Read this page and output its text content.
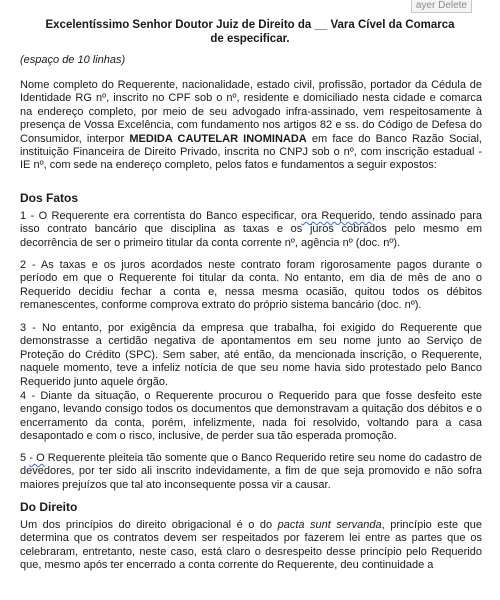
ayer Delete
Excelentíssimo Senhor Doutor Juiz de Direito da __ Vara Cível da Comarca
de especificar.
(espaço de 10 linhas)

Nome completo do Requerente, nacionalidade, estado civil, profissão, portador da Cédula de Identidade RG nº, inscrito no CPF sob o nº, residente e domiciliado nesta cidade e comarca na endereço completo, por meio de seu advogado infra-assinado, vem respeitosamente à presença de Vossa Excelência, com fundamento nos artigos 82 e ss. do Código de Defesa do Consumidor, interpor MEDIDA CAUTELAR INOMINADA em face do Banco Razão Social, instituição Financeira de Direito Privado, inscrita no CNPJ sob o nº, com inscrição estadual - IE nº, com sede na endereço completo, pelos fatos e fundamentos a seguir expostos:

Dos Fatos

1 - O Requerente era correntista do Banco especificar, ora Requerido, tendo assinado para isso contrato bancário que disciplina as taxas e os juros cobrados pelo mesmo em decorrência de ser o primeiro titular da conta corrente nº, agência nº (doc. nº).

2 - As taxas e os juros acordados neste contrato foram rigorosamente pagos durante o período em que o Requerente foi titular da conta. No entanto, em dia de mês de ano o Requerido decidiu fechar a conta e, nessa mesma ocasião, quitou todos os débitos remanescentes, conforme comprova extrato do próprio sistema bancário (doc. nº).

3 - No entanto, por exigência da empresa que trabalha, foi exigido do Requerente que demonstrasse a certidão negativa de apontamentos em seu nome junto ao Serviço de Proteção do Crédito (SPC). Sem saber, até então, da mencionada inscrição, o Requerente, naquele momento, teve a infeliz notícia de que seu nome havia sido protestado pelo Banco Requerido junto aquele órgão.

4 - Diante da situação, o Requerente procurou o Requerido para que fosse desfeito este engano, levando consigo todos os documentos que demonstravam a quitação dos débitos e o encerramento da conta, porém, infelizmente, nada foi resolvido, voltando para a casa desapontado e com o risco, inclusive, de perder sua tão esperada promoção.

5 - O Requerente pleiteia tão somente que o Banco Requerido retire seu nome do cadastro de devedores, por ter sido ali inscrito indevidamente, a fim de que seja promovido e não sofra maiores prejuízos que tal ato inconsequente possa vir a causar.

Do Direito

Um dos princípios do direito obrigacional é o do pacta sunt servanda, princípio este que determina que os contratos devem ser respeitados por fazerem lei entre as partes que os celebraram, entretanto, neste caso, está claro o desrespeito desse princípio pelo Requerido que, mesmo após ter encerrado a conta corrente do Requerente, deu continuidade a
